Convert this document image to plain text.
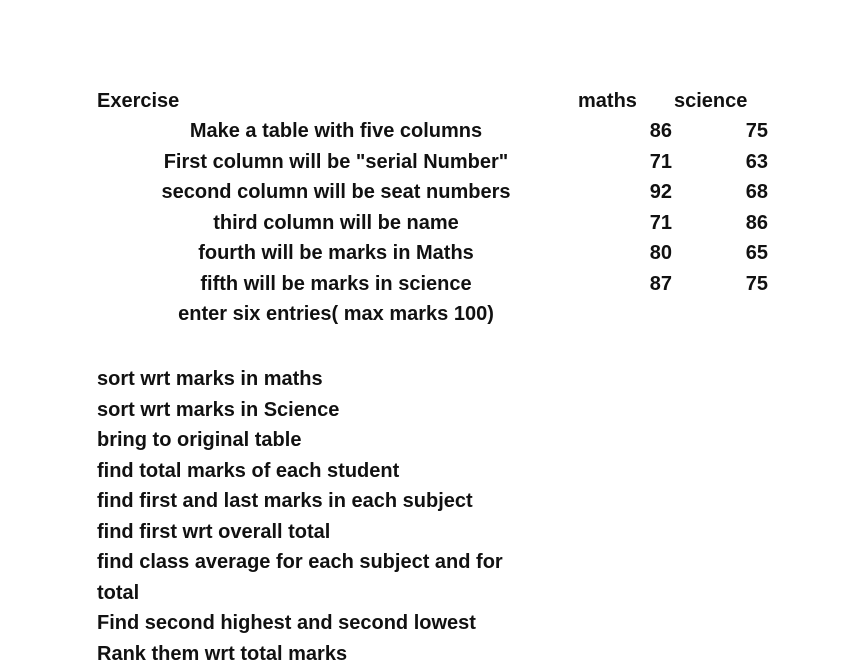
Exercise
Make a table with five columns
First column will be "serial Number"
second column will be seat numbers
third column will be name
fourth will be marks in Maths
fifth will be marks in science
enter six entries( max marks 100)
sort wrt marks in maths
sort wrt marks in Science
bring to original table
find total marks of each student
find first and last marks in each subject
find first wrt overall total
find class average for each subject and for total
Find second highest and second lowest
Rank them wrt total marks
maths science
86
71
92
71
80
87
75
63
68
86
65
75
